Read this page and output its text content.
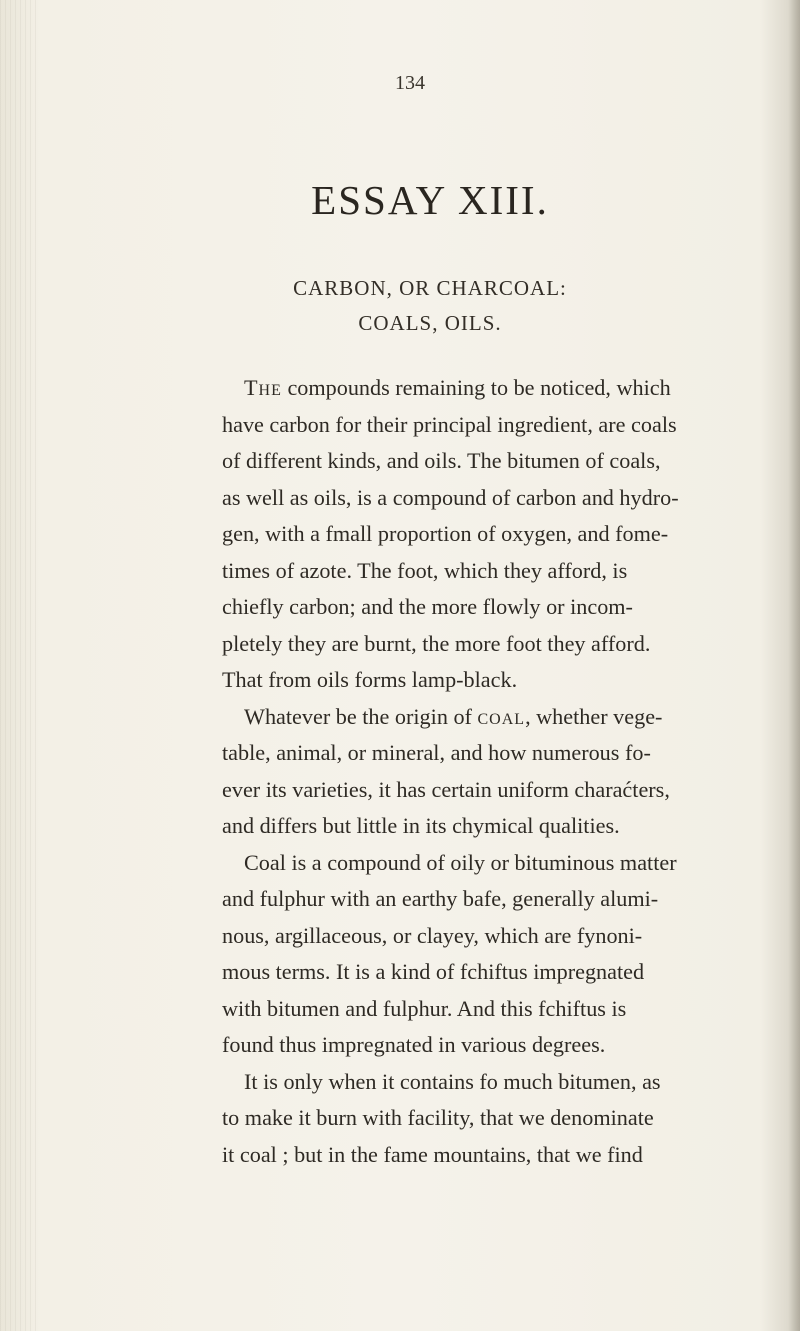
134
ESSAY XIII.
CARBON, OR CHARCOAL:
COALS, OILS.
The compounds remaining to be noticed, which
have carbon for their principal ingredient, are coals
of different kinds, and oils. The bitumen of coals,
as well as oils, is a compound of carbon and hydro-
gen, with a fmall proportion of oxygen, and fome-
times of azote. The foot, which they afford, is
chiefly carbon; and the more flowly or incom-
pletely they are burnt, the more foot they afford.
That from oils forms lamp-black.
Whatever be the origin of coal, whether vege-
table, animal, or mineral, and how numerous fo-
ever its varieties, it has certain uniform charaćters,
and differs but little in its chymical qualities.
Coal is a compound of oily or bituminous matter
and fulphur with an earthy bafe, generally alumi-
nous, argillaceous, or clayey, which are fynoni-
mous terms. It is a kind of fchiftus impregnated
with bitumen and fulphur. And this fchiftus is
found thus impregnated in various degrees.
It is only when it contains fo much bitumen, as
to make it burn with facility, that we denominate
it coal ; but in the fame mountains, that we find
